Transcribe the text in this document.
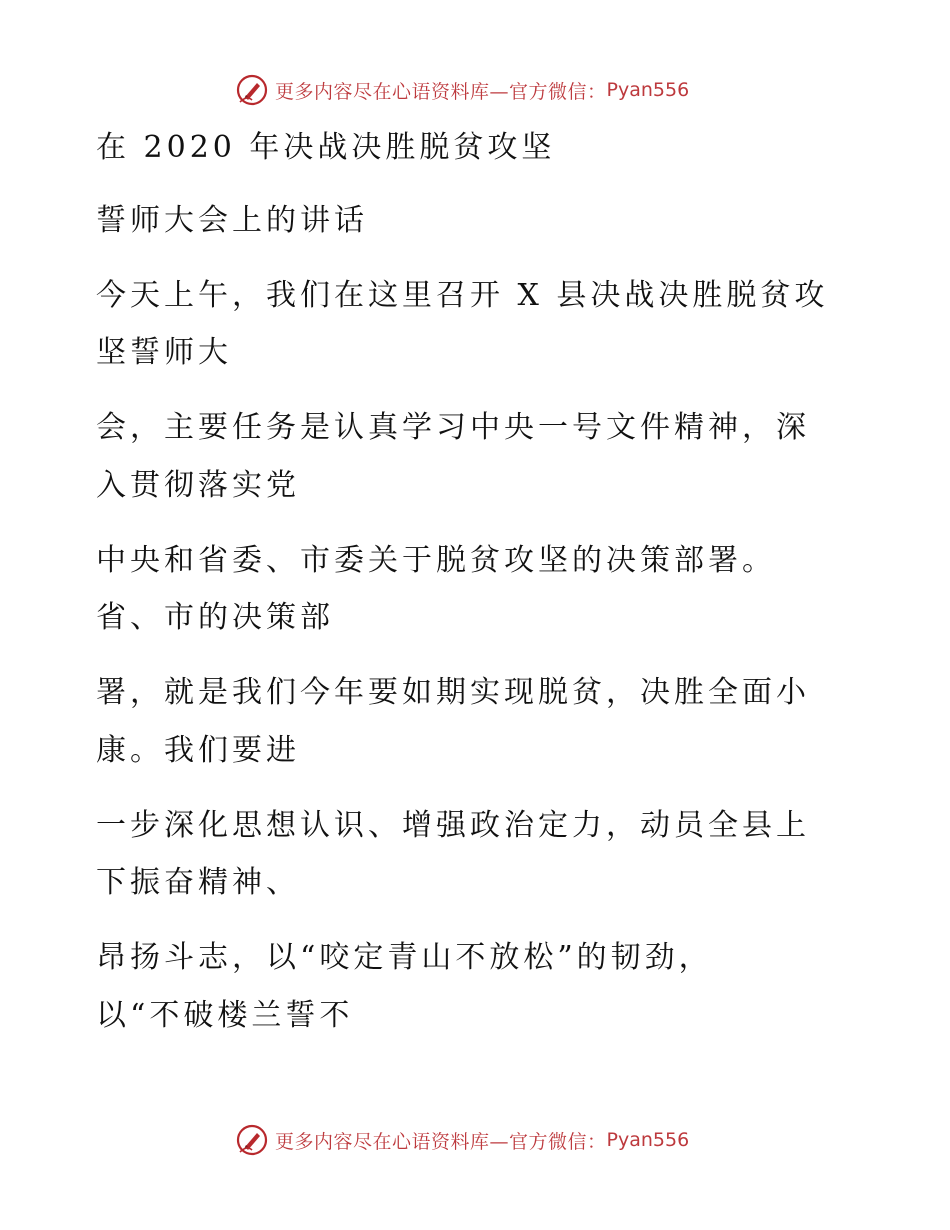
更多内容尽在心语资料库—官方微信： Pyan556
在 2020 年决战决胜脱贫攻坚
誓师大会上的讲话
今天上午，我们在这里召开 X 县决战决胜脱贫攻
坚誓师大
会，主要任务是认真学习中央一号文件精神，深
入贯彻落实党
中央和省委、市委关于脱贫攻坚的决策部署。
省、市的决策部
署，就是我们今年要如期实现脱贫，决胜全面小
康。我们要进
一步深化思想认识、增强政治定力，动员全县上
下振奋精神、
昂扬斗志，以“咬定青山不放松”的韧劲，
以“不破楼兰誓不
更多内容尽在心语资料库—官方微信： Pyan556
